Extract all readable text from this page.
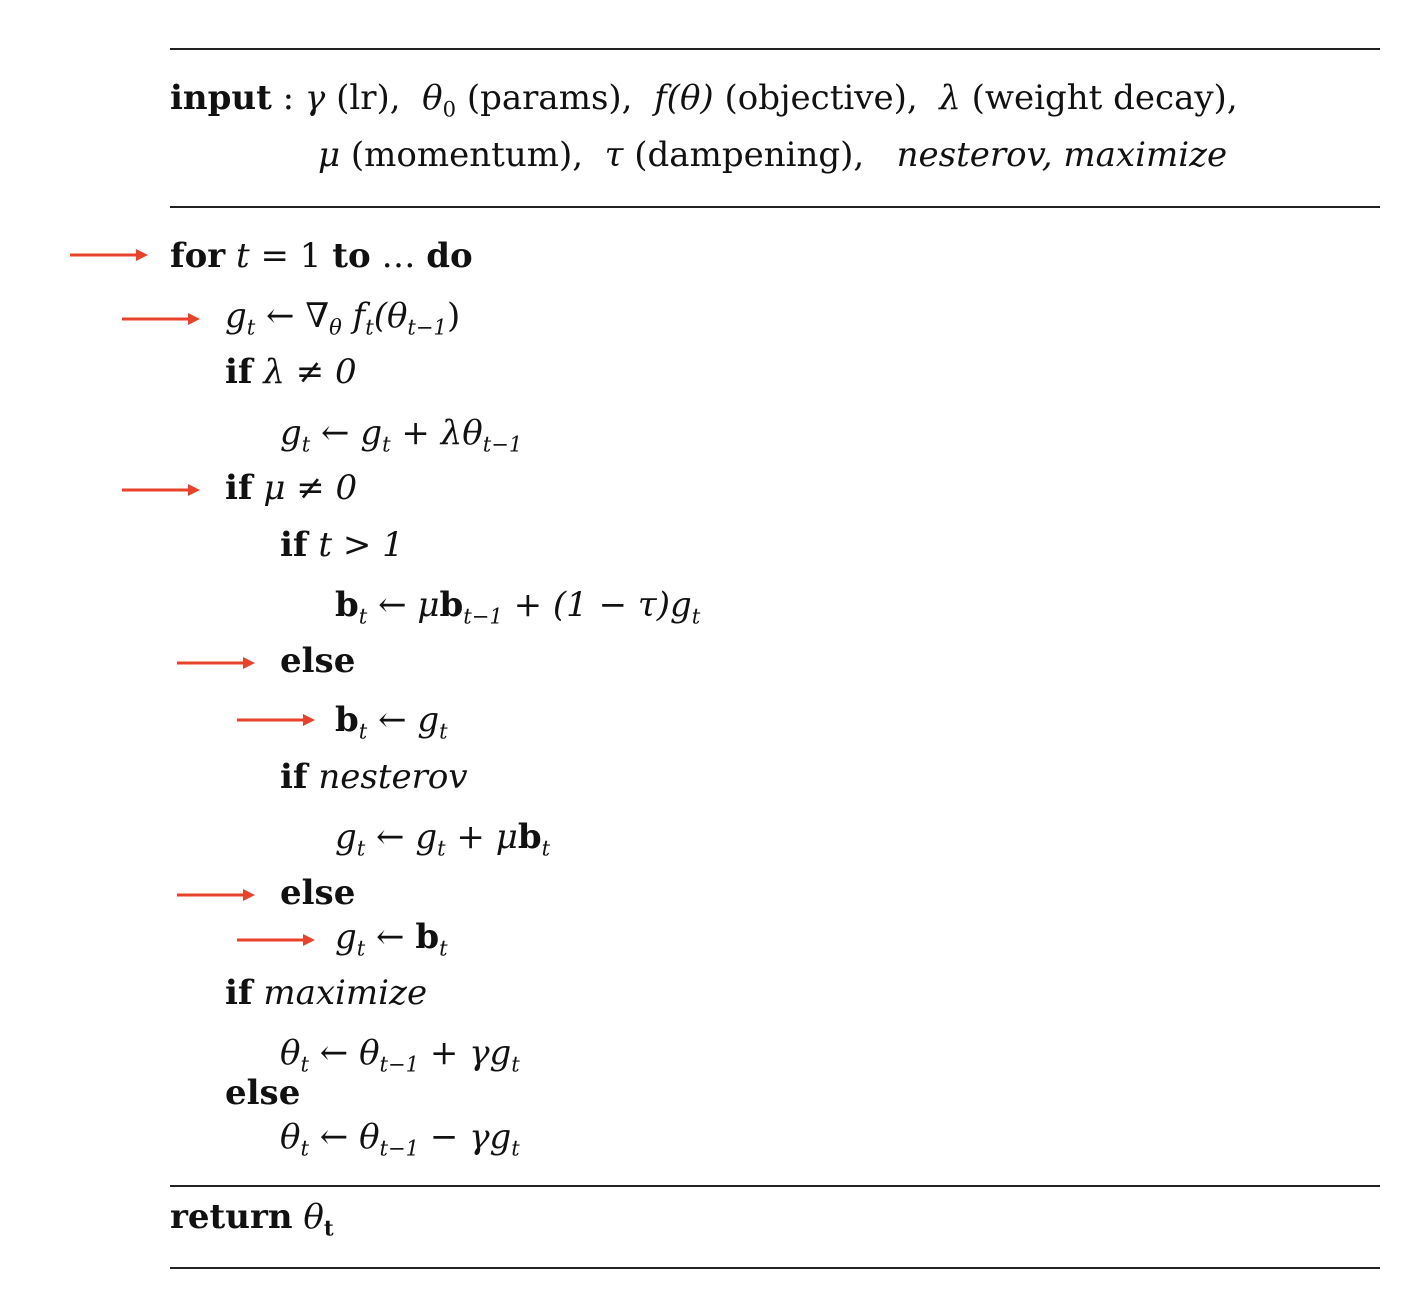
input : γ (lr), $\theta_0$ (params), f(θ) (objective), λ (weight decay),
μ (momentum), τ (dampening), nesterov, maximize
for t = 1 to … do
$g_t$ ← $\nabla_\theta$ $f_t(\theta_{t-1})$
if λ ≠ 0
$g_t$ ← $g_t + \lambda\theta_{t-1}$
if μ ≠ 0
if t > 1
$b_t$ ← $\mu b_{t-1} + (1 - \tau)g_t$
else
$b_t$ ← $g_t$
if nesterov
$g_t$ ← $g_t + \mu b_t$
else
$g_t$ ← $b_t$
if maximize
$\theta_t$ ← $\theta_{t-1} + \gamma g_t$
else
$\theta_t$ ← $\theta_{t-1} - \gamma g_t$
return $\theta_t$
